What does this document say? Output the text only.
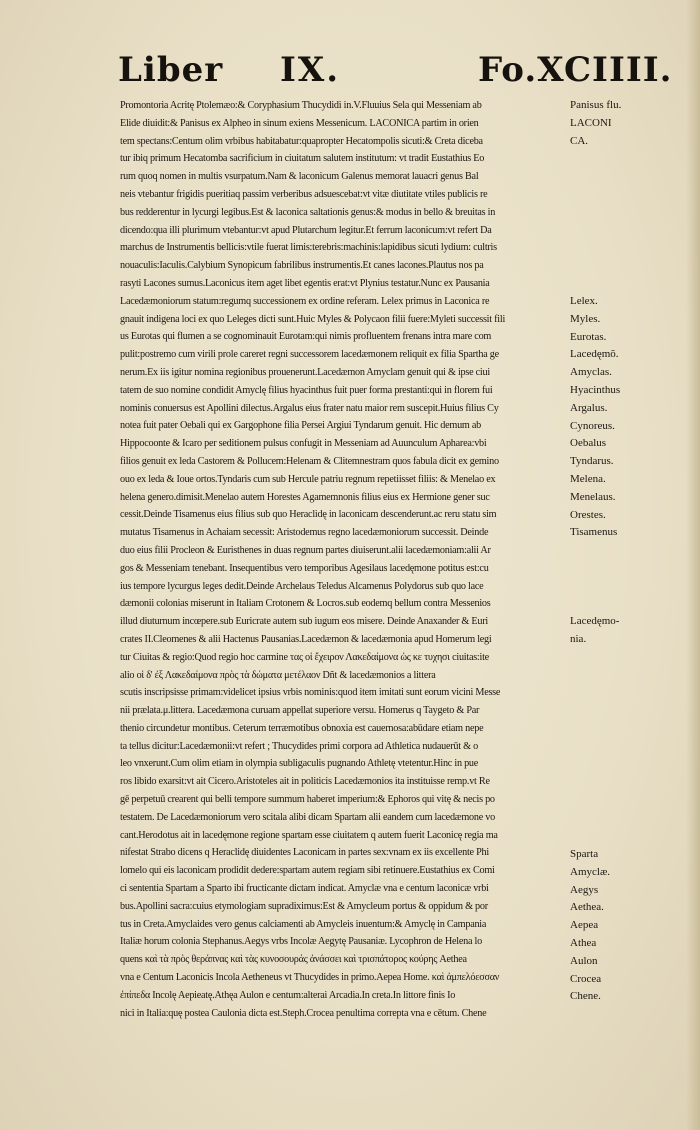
Liber IX.	Fo.XCIIII.
Promontoria Acritę Ptolemæo:& Coryphasium Thucydidi in.V.Fluuius Sela qui Messeniam ab
Elide diuidit:& Panisus ex Alpheo in sinum exiens Messenicum. LACONICA partim in orien
tem spectans:Centum olim vrbibus habitabatur:quapropter Hecatompolis sicuti:& Creta diceba
tur ibiq primum Hecatomba sacrificium in ciuitatum salutem institutum: vt tradit Eustathius Eo
rum quoq nomen in multis vsurpatum.Nam & laconicum Galenus memorat lauacri genus Bal
neis vtebantur frigidis pueritiaq passim verberibus adsuescebat:vt vitæ diutitate vtiles publicis re
bus redderentur in lycurgi legibus.Est & laconica saltationis genus:& modus in bello & breuitas in
dicendo:qua illi plurimum vtebantur:vt apud Plutarchum legitur.Et ferrum laconicum:vt refert Da
marchus de Instrumentis bellicis:vtile fuerat limis:terebris:machinis:lapidibus sicuti lydium: cultris
nouaculis:Iaculis.Calybium Synopicum fabrilibus instrumentis.Et canes lacones.Plautus nos pa
rasyti Lacones sumus.Laconicus item aget libet egentis erat:vt Plynius testatur.Nunc ex Pausania
Lacedæmoniorum statum:regumq successionem ex ordine referam. Lelex primus in Laconica re
gnauit indigena loci ex quo Leleges dicti sunt.Huic Myles & Polycaon filii fuere:Myleti successit fili
us Eurotas qui flumen a se cognominauit Eurotam:qui nimis profluentem frenans intra mare com
pulit:postremo cum virili prole careret regni successorem lacedæmonem reliquit ex filia Spartha ge
nerum.Ex iis igitur nomina regionibus prouenerunt.Lacedæmon Amyclam genuit qui & ipse ciui
tatem de suo nomine condidit Amyclę filius hyacinthus fuit puer forma prestanti:qui in florem fui
nominis conuersus est Apollini dilectus.Argalus eius frater natu maior rem suscepit.Huius filius Cy
notea fuit pater Oebali qui ex Gargophone filia Persei Argiui Tyndarum genuit. Hic demum ab
Hippocoonte & Icaro per seditionem pulsus confugit in Messeniam ad Auunculum Apharea:vbi
filios genuit ex leda Castorem & Pollucem:Helenam & Clitemnestram quos fabula dicit ex gemino
ouo ex leda & Ioue ortos.Tyndaris cum sub Hercule patriu regnum repetiisset filiis: & Menelao ex
helena genero.dimisit.Menelao autem Horestes Agamemnonis filius eius ex Hermione gener suc
cessit.Deinde Tisamenus eius filius sub quo Heraclidę in laconicam descenderunt.ac reru statu sim
mutatus Tisamenus in Achaiam secessit: Aristodemus regno lacedæmoniorum successit. Deinde
duo eius filii Procleon & Euristhenes in duas regnum partes diuiserunt.alii lacedæmoniam:alii Ar
gos & Messeniam tenebant. Insequentibus vero temporibus Agesilaus lacedęmone potitus est:cu
ius tempore lycurgus leges dedit.Deinde Archelaus Teledus Alcamenus Polydorus sub quo lace
dæmonii colonias miserunt in Italiam Crotonem & Locros.sub eodemq bellum contra Messenios
illud diuturnum incœpere.sub Euricrate autem sub iugum eos misere. Deinde Anaxander & Euri
crates II.Cleomenes & alii Hactenus Pausanias.Lacedæmon & lacedæmonia apud Homerum legi
tur Ciuitas & regio:Quod regio hoc carmine τας οἱ ἔχειρον Λακεδαίμονα ὡς κε τυχησι ciuitas:ite
alio οἱ δ' ἐξ Λακεδαίμονα πρὸς τὰ δώματα μετέλαον Dñt & lacedæmonios a littera
scutis inscripsisse primam:videlicet ipsius vrbis nominis:quod item imitati sunt eorum vicini Messe
nii prælata.μ.littera. Lacedæmona curuam appellat superiore versu. Homerus q Taygeto & Par
thenio circundetur montibus. Ceterum terræmotibus obnoxia est cauernosa:abūdare etiam nepe
ta tellus dicitur:Lacedæmonii:vt refert ; Thucydides primi corpora ad Athletica nudauerūt & o
leo vnxerunt.Cum olim etiam in olympia subligaculis pugnando Athletę vtetentur.Hinc in pue
ros libido exarsit:vt ait Cicero.Aristoteles ait in politicis Lacedæmonios ita instituisse remp.vt Re
gē perpetuū crearent qui belli tempore summum haberet imperium:& Ephoros qui vitę & necis po
testatem. De Lacedæmoniorum vero scitala alibi dicam Spartam alii eandem cum lacedæmone vo
cant.Herodotus ait in lacedęmone regione spartam esse ciuitatem q autem fuerit Laconicę regia ma
nifestat Strabo dicens q Heraclidę diuidentes Laconicam in partes sex:vnam ex iis excellente Phi
lomelo qui eis laconicam prodidit dedere:spartam autem regiam sibi retinuere.Eustathius ex Comi
ci sententia Spartam a Sparto ibi fructicante dictam indicat. Amyclæ vna e centum laconicæ vrbi
bus.Apollini sacra:cuius etymologiam supradiximus:Est & Amycleum portus & oppidum & por
tus in Creta.Amyclaides vero genus calciamenti ab Amycleis inuentum:& Amyclę in Campania
Italiæ horum colonia Stephanus.Aegys vrbs Incolæ Aegytę Pausaniæ. Lycophron de Helena lo
quens καὶ τὰ πρὸς θεράπνας καὶ τὰς κυνοσουράς ἀνάσσει καὶ τρισπάτορος κούρης Aethea
vna e Centum Laconicis Incola Aetheneus vt Thucydides in primo.Aepea Home. καὶ ἀμπελόεσσαν
ἐπίπεδα Incolę Aepieatę.Athęa Aulon e centum:alterai Arcadia.In creta.In littore finis Io
nici in Italia:quę postea Caulonia dicta est.Steph.Crocea penultima correpta vna e cētum. Chene
Panisus flu.
LACONI
CA.
Lelex.
Myles.
Eurotas.
Lacedęmõ.
Amyclas.
Hyacinthus
Argalus.
Cynoreus.
Oebalus
Tyndarus.
Melena.
Menelaus.
Orestes.
Tisamenus
Lacedęmo-
nia.
Sparta
Amyclæ.
Aegys
Aethea.
Aepea
Athea
Aulon
Crocea
Chene.
